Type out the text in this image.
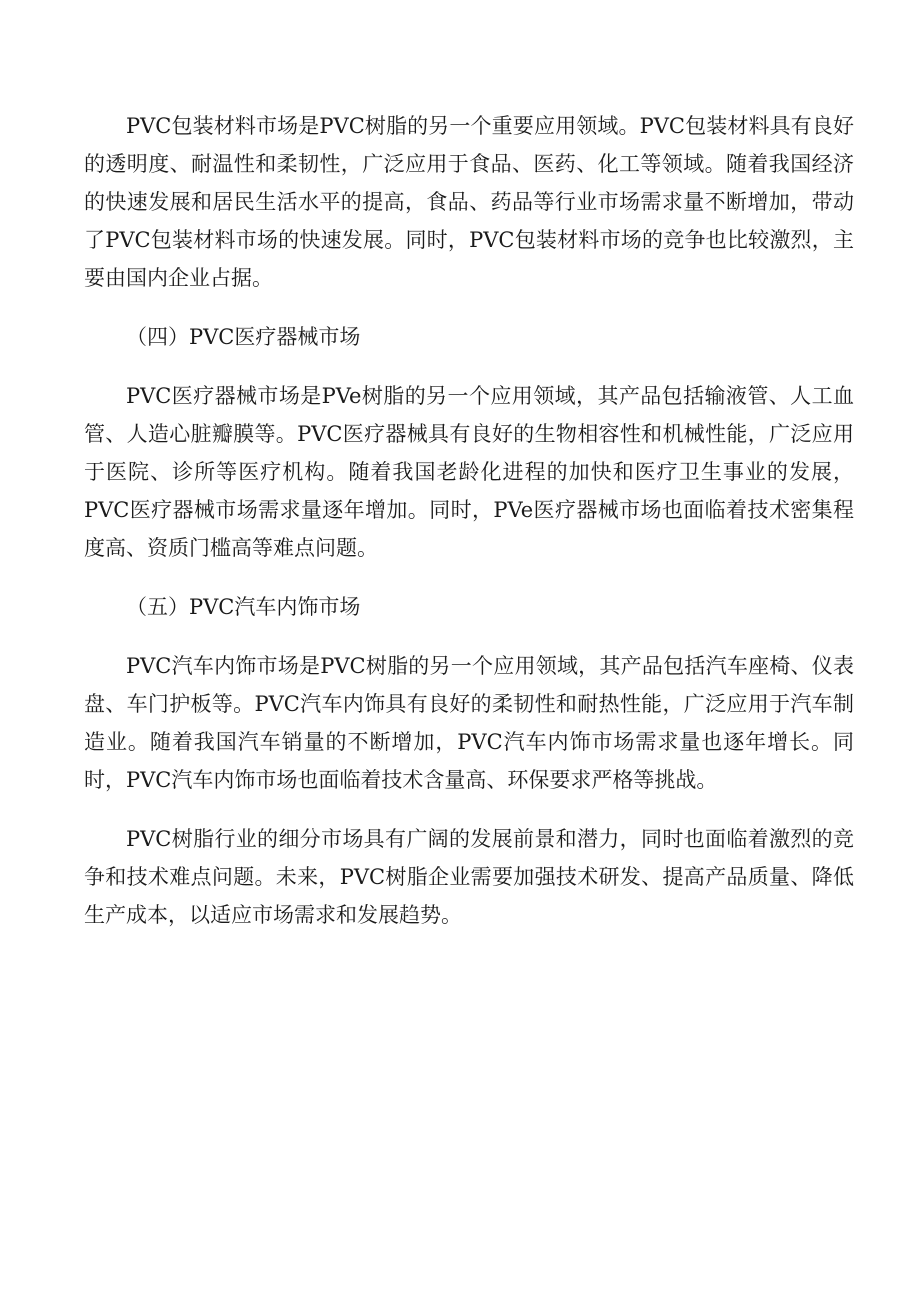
PVC包装材料市场是PVC树脂的另一个重要应用领域。PVC包装材料具有良好的透明度、耐温性和柔韧性，广泛应用于食品、医药、化工等领域。随着我国经济的快速发展和居民生活水平的提高，食品、药品等行业市场需求量不断增加，带动了PVC包装材料市场的快速发展。同时，PVC包装材料市场的竞争也比较激烈，主要由国内企业占据。

（四）PVC医疗器械市场

PVC医疗器械市场是PVe树脂的另一个应用领域，其产品包括输液管、人工血管、人造心脏瓣膜等。PVC医疗器械具有良好的生物相容性和机械性能，广泛应用于医院、诊所等医疗机构。随着我国老龄化进程的加快和医疗卫生事业的发展，PVC医疗器械市场需求量逐年增加。同时，PVe医疗器械市场也面临着技术密集程度高、资质门槛高等难点问题。

（五）PVC汽车内饰市场

PVC汽车内饰市场是PVC树脂的另一个应用领域，其产品包括汽车座椅、仪表盘、车门护板等。PVC汽车内饰具有良好的柔韧性和耐热性能，广泛应用于汽车制造业。随着我国汽车销量的不断增加，PVC汽车内饰市场需求量也逐年增长。同时，PVC汽车内饰市场也面临着技术含量高、环保要求严格等挑战。

PVC树脂行业的细分市场具有广阔的发展前景和潜力，同时也面临着激烈的竞争和技术难点问题。未来，PVC树脂企业需要加强技术研发、提高产品质量、降低生产成本，以适应市场需求和发展趋势。
